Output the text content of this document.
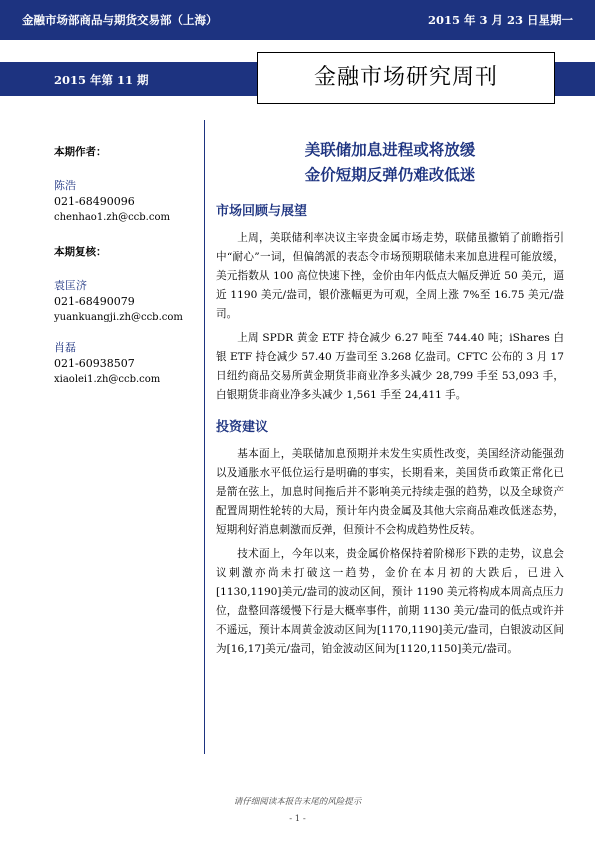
金融市场部商品与期货交易部（上海）	2015 年 3 月 23 日星期一
2015 年第 11 期	金融市场研究周刊
本期作者：
陈浩
021-68490096
chenhao1.zh@ccb.com
本期复核：
袁匡济
021-68490079
yuankuangji.zh@ccb.com
肖磊
021-60938507
xiaolei1.zh@ccb.com
美联储加息进程或将放缓
金价短期反弹仍难改低迷
市场回顾与展望

上周，美联储利率决议主宰贵金属市场走势，联储虽撤销了前瞻指引中“耐心”一词，但偏鸽派的表态令市场预期联储未来加息进程可能放缓，美元指数从 100 高位快速下挫，金价由年内低点大幅反弹近 50 美元，逼近 1190 美元/盎司，银价涨幅更为可观，全周上涨 7%至 16.75 美元/盎司。

上周 SPDR 黄金 ETF 持仓减少 6.27 吨至 744.40 吨；iShares 白银 ETF 持仓减少 57.40 万盎司至 3.268 亿盎司。CFTC 公布的 3 月 17 日纽约商品交易所黄金期货非商业净多头减少 28,799 手至 53,093 手，白银期货非商业净多头减少 1,561 手至 24,411 手。

投资建议

基本面上，美联储加息预期并未发生实质性改变，美国经济动能强劲以及通胀水平低位运行是明确的事实，长期看来，美国货币政策正常化已是箭在弦上，加息时间拖后并不影响美元持续走强的趋势，以及全球资产配置周期性轮转的大局，预计年内贵金属及其他大宗商品难改低迷态势，短期利好消息刺激而反弹，但预计不会构成趋势性反转。

技术面上，今年以来，贵金属价格保持着阶梯形下跌的走势，议息会议刺激亦尚未打破这一趋势，金价在本月初的大跌后，已进入[1130,1190]美元/盎司的波动区间，预计 1190 美元将构成本周高点压力位，盘整回落缓慢下行是大概率事件，前期 1130 美元/盎司的低点或许并不遥远，预计本周黄金波动区间为[1170,1190]美元/盎司，白银波动区间为[16,17]美元/盎司，铂金波动区间为[1120,1150]美元/盎司。

请仔细阅读本报告末尾的风险提示
- 1 -
